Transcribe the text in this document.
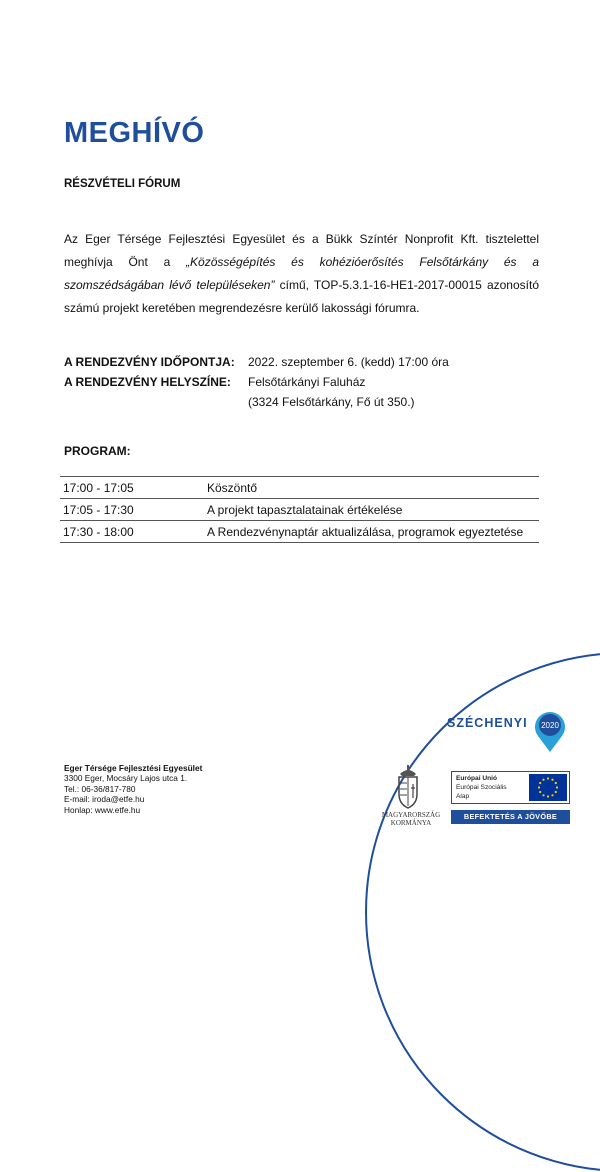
MEGHÍVÓ
RÉSZVÉTELI FÓRUM
Az Eger Térsége Fejlesztési Egyesület és a Bükk Színtér Nonprofit Kft. tisztelettel meghívja Önt a „Közösségépítés és kohézióerősítés Felsőtárkány és a szomszédságában lévő településeken” című, TOP-5.3.1-16-HE1-2017-00015 azonosító számú projekt keretében megrendezésre kerülő lakossági fórumra.
A RENDEZVÉNY IDŐPONTJA:	2022. szeptember 6. (kedd) 17:00 óra
A RENDEZVÉNY HELYSZÍNE:	Felsőtárkányi Faluház
(3324 Felsőtárkány, Fő út 350.)
PROGRAM:
17:00 - 17:05	Köszöntő
17:05 - 17:30	A projekt tapasztalatainak értékelése
17:30 - 18:00	A Rendezvénynaptár aktualizálása, programok egyeztetése
Eger Térsége Fejlesztési Egyesület
3300 Eger, Mocsáry Lajos utca 1.
Tel.: 06-36/817-780
E-mail: iroda@etfe.hu
Honlap: www.etfe.hu
SZÉCHENYI 2020
MAGYARORSZÁG
KORMÁNYA
Európai Unió
Európai Szociális
Alap
BEFEKTETÉS A JÖVŐBE
